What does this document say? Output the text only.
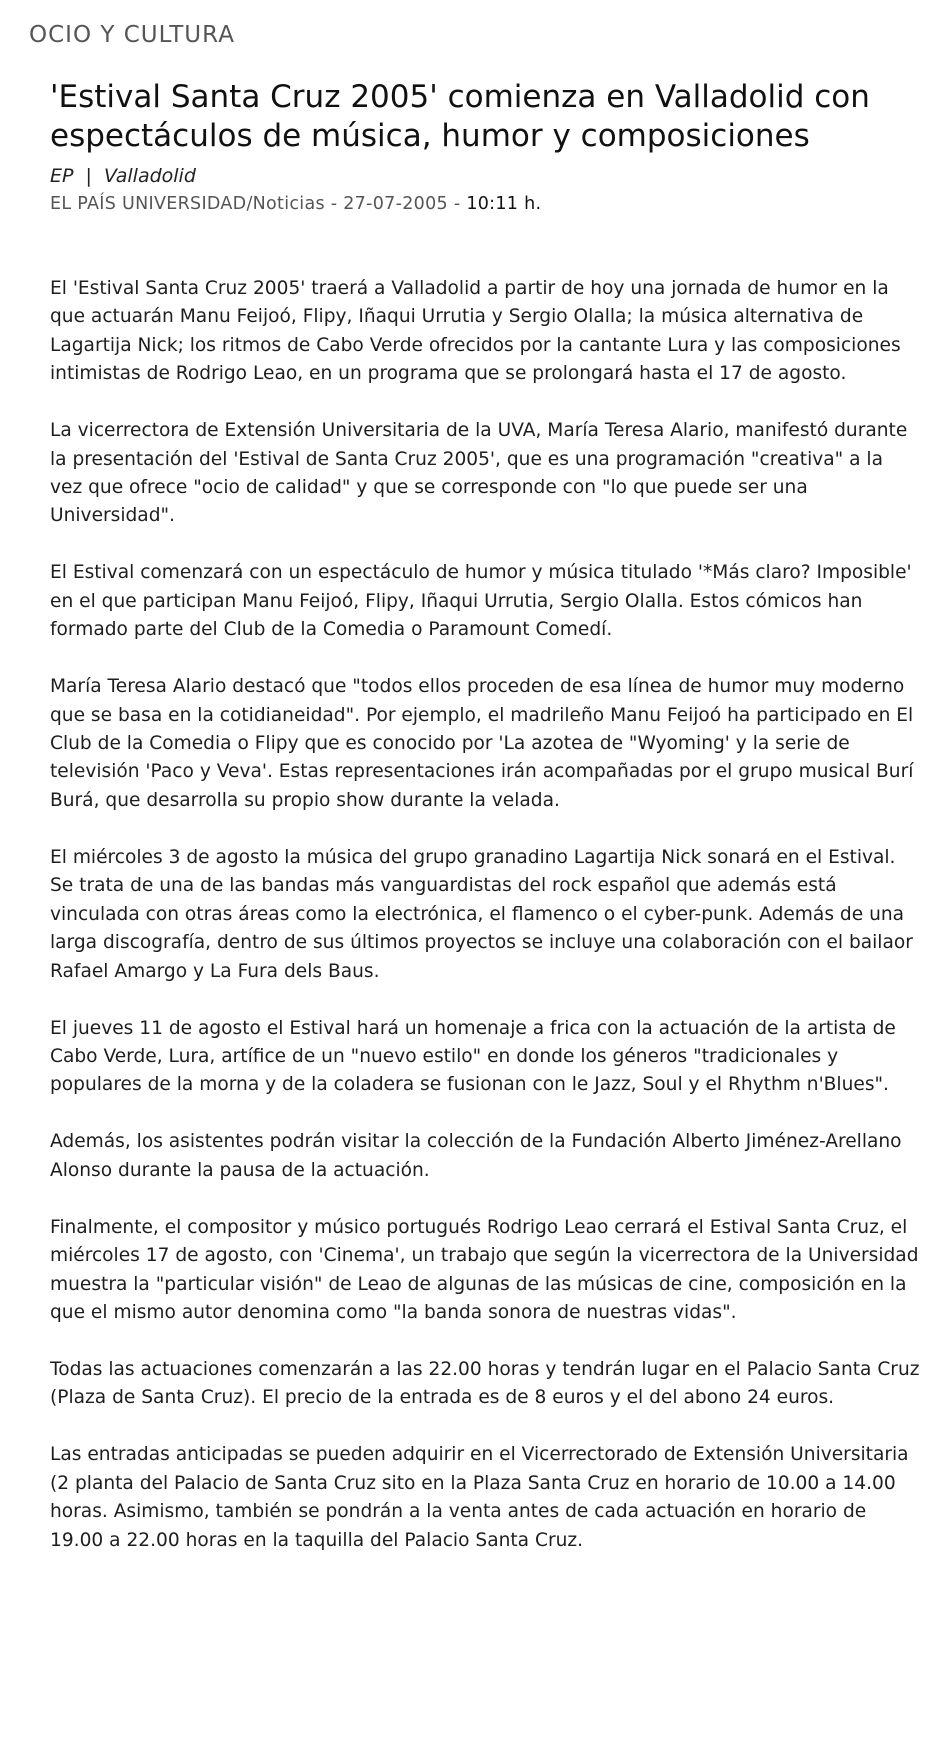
OCIO Y CULTURA
'Estival Santa Cruz 2005' comienza en Valladolid con espectáculos de música, humor y composiciones
EP | Valladolid
EL PAÍS UNIVERSIDAD/Noticias - 27-07-2005 - 10:11 h.

El 'Estival Santa Cruz 2005' traerá a Valladolid a partir de hoy una jornada de humor en la que actuarán Manu Feijoó, Flipy, Iñaqui Urrutia y Sergio Olalla; la música alternativa de Lagartija Nick; los ritmos de Cabo Verde ofrecidos por la cantante Lura y las composiciones intimistas de Rodrigo Leao, en un programa que se prolongará hasta el 17 de agosto.

La vicerrectora de Extensión Universitaria de la UVA, María Teresa Alario, manifestó durante la presentación del 'Estival de Santa Cruz 2005', que es una programación "creativa" a la vez que ofrece "ocio de calidad" y que se corresponde con "lo que puede ser una Universidad".

El Estival comenzará con un espectáculo de humor y música titulado '*Más claro? Imposible' en el que participan Manu Feijoó, Flipy, Iñaqui Urrutia, Sergio Olalla. Estos cómicos han formado parte del Club de la Comedia o Paramount Comedí.

María Teresa Alario destacó que "todos ellos proceden de esa línea de humor muy moderno que se basa en la cotidianeidad". Por ejemplo, el madrileño Manu Feijoó ha participado en El Club de la Comedia o Flipy que es conocido por 'La azotea de "Wyoming' y la serie de televisión 'Paco y Veva'. Estas representaciones irán acompañadas por el grupo musical Burí Burá, que desarrolla su propio show durante la velada.

El miércoles 3 de agosto la música del grupo granadino Lagartija Nick sonará en el Estival. Se trata de una de las bandas más vanguardistas del rock español que además está vinculada con otras áreas como la electrónica, el flamenco o el cyber-punk. Además de una larga discografía, dentro de sus últimos proyectos se incluye una colaboración con el bailaor Rafael Amargo y La Fura dels Baus.

El jueves 11 de agosto el Estival hará un homenaje a frica con la actuación de la artista de Cabo Verde, Lura, artífice de un "nuevo estilo" en donde los géneros "tradicionales y populares de la morna y de la coladera se fusionan con le Jazz, Soul y el Rhythm n'Blues".

Además, los asistentes podrán visitar la colección de la Fundación Alberto Jiménez-Arellano Alonso durante la pausa de la actuación.

Finalmente, el compositor y músico portugués Rodrigo Leao cerrará el Estival Santa Cruz, el miércoles 17 de agosto, con 'Cinema', un trabajo que según la vicerrectora de la Universidad muestra la "particular visión" de Leao de algunas de las músicas de cine, composición en la que el mismo autor denomina como "la banda sonora de nuestras vidas".

Todas las actuaciones comenzarán a las 22.00 horas y tendrán lugar en el Palacio Santa Cruz (Plaza de Santa Cruz). El precio de la entrada es de 8 euros y el del abono 24 euros.

Las entradas anticipadas se pueden adquirir en el Vicerrectorado de Extensión Universitaria (2 planta del Palacio de Santa Cruz sito en la Plaza Santa Cruz en horario de 10.00 a 14.00 horas. Asimismo, también se pondrán a la venta antes de cada actuación en horario de 19.00 a 22.00 horas en la taquilla del Palacio Santa Cruz.
